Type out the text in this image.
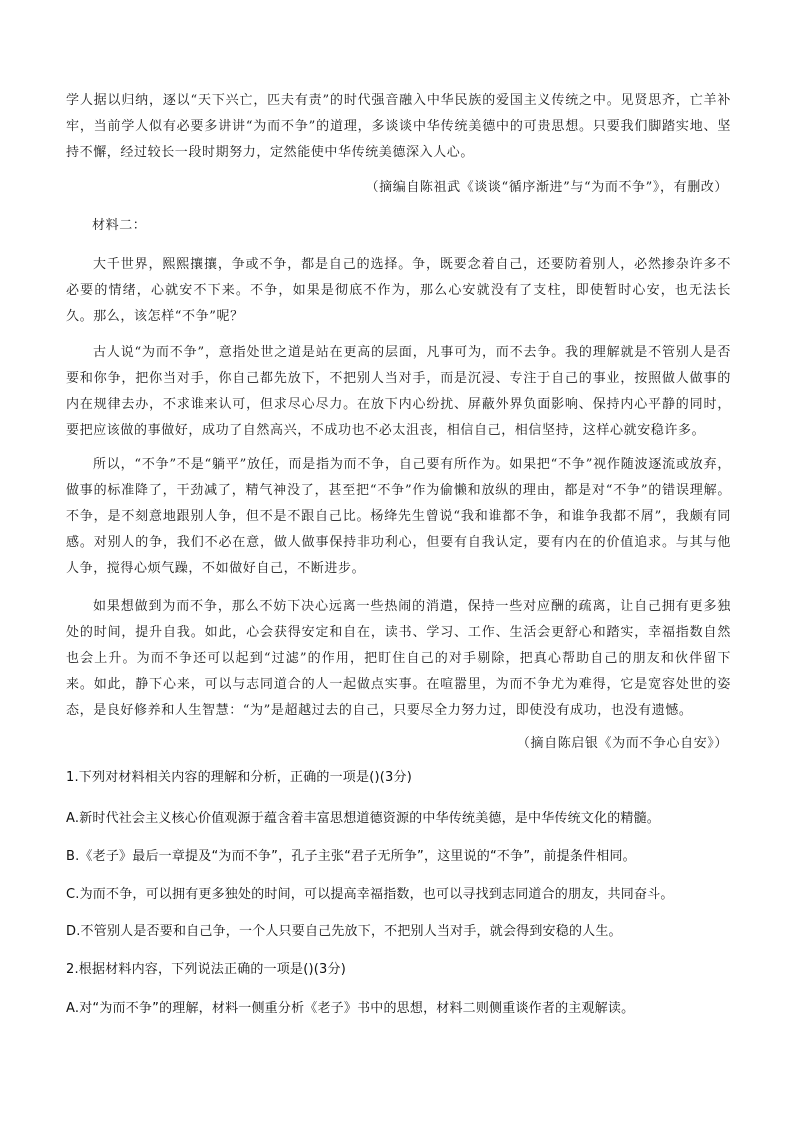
学人据以归纳，逐以“天下兴亡，匹夫有责”的时代强音融入中华民族的爱国主义传统之中。见贤思齐，亡羊补牢，当前学人似有必要多讲讲“为而不争”的道理，多谈谈中华传统美德中的可贵思想。只要我们脚踏实地、坚持不懈，经过较长一段时期努力，定然能使中华传统美德深入人心。

（摘编自陈祖武《谈谈“循序渐进”与“为而不争”》，有删改）

材料二：

大千世界，熙熙攘攘，争或不争，都是自己的选择。争，既要念着自己，还要防着别人，必然掺杂许多不必要的情绪，心就安不下来。不争，如果是彻底不作为，那么心安就没有了支柱，即使暂时心安，也无法长久。那么，该怎样“不争”呢？

古人说“为而不争”，意指处世之道是站在更高的层面，凡事可为，而不去争。我的理解就是不管别人是否要和你争，把你当对手，你自己都先放下，不把别人当对手，而是沉浸、专注于自己的事业，按照做人做事的内在规律去办，不求谁来认可，但求尽心尽力。在放下内心纷扰、屏蔽外界负面影响、保持内心平静的同时，要把应该做的事做好，成功了自然高兴，不成功也不必太沮丧，相信自己，相信坚持，这样心就安稳许多。

所以，“不争”不是“躺平”放任，而是指为而不争，自己要有所作为。如果把“不争”视作随波逐流或放弃，做事的标准降了，干劲减了，精气神没了，甚至把“不争”作为偷懒和放纵的理由，都是对“不争”的错误理解。不争，是不刻意地跟别人争，但不是不跟自己比。杨绛先生曾说“我和谁都不争，和谁争我都不屑”，我颇有同感。对别人的争，我们不必在意，做人做事保持非功利心，但要有自我认定，要有内在的价值追求。与其与他人争，搅得心烦气躁，不如做好自己，不断进步。

如果想做到为而不争，那么不妨下决心远离一些热闹的消遣，保持一些对应酬的疏离，让自己拥有更多独处的时间，提升自我。如此，心会获得安定和自在，读书、学习、工作、生活会更舒心和踏实，幸福指数自然也会上升。为而不争还可以起到“过滤”的作用，把盯住自己的对手剔除，把真心帮助自己的朋友和伙伴留下来。如此，静下心来，可以与志同道合的人一起做点实事。在喧嚣里，为而不争尤为难得，它是宽容处世的姿态，是良好修养和人生智慧：“为”是超越过去的自己，只要尽全力努力过，即使没有成功，也没有遗憾。

（摘自陈启银《为而不争心自安》）

1.下列对材料相关内容的理解和分析，正确的一项是()(3分)

A.新时代社会主义核心价值观源于蕴含着丰富思想道德资源的中华传统美德，是中华传统文化的精髓。

B.《老子》最后一章提及“为而不争”，孔子主张“君子无所争”，这里说的“不争”，前提条件相同。

C.为而不争，可以拥有更多独处的时间，可以提高幸福指数，也可以寻找到志同道合的朋友，共同奋斗。

D.不管别人是否要和自己争，一个人只要自己先放下，不把别人当对手，就会得到安稳的人生。

2.根据材料内容，下列说法正确的一项是()(3分)

A.对“为而不争”的理解，材料一侧重分析《老子》书中的思想，材料二则侧重谈作者的主观解读。
